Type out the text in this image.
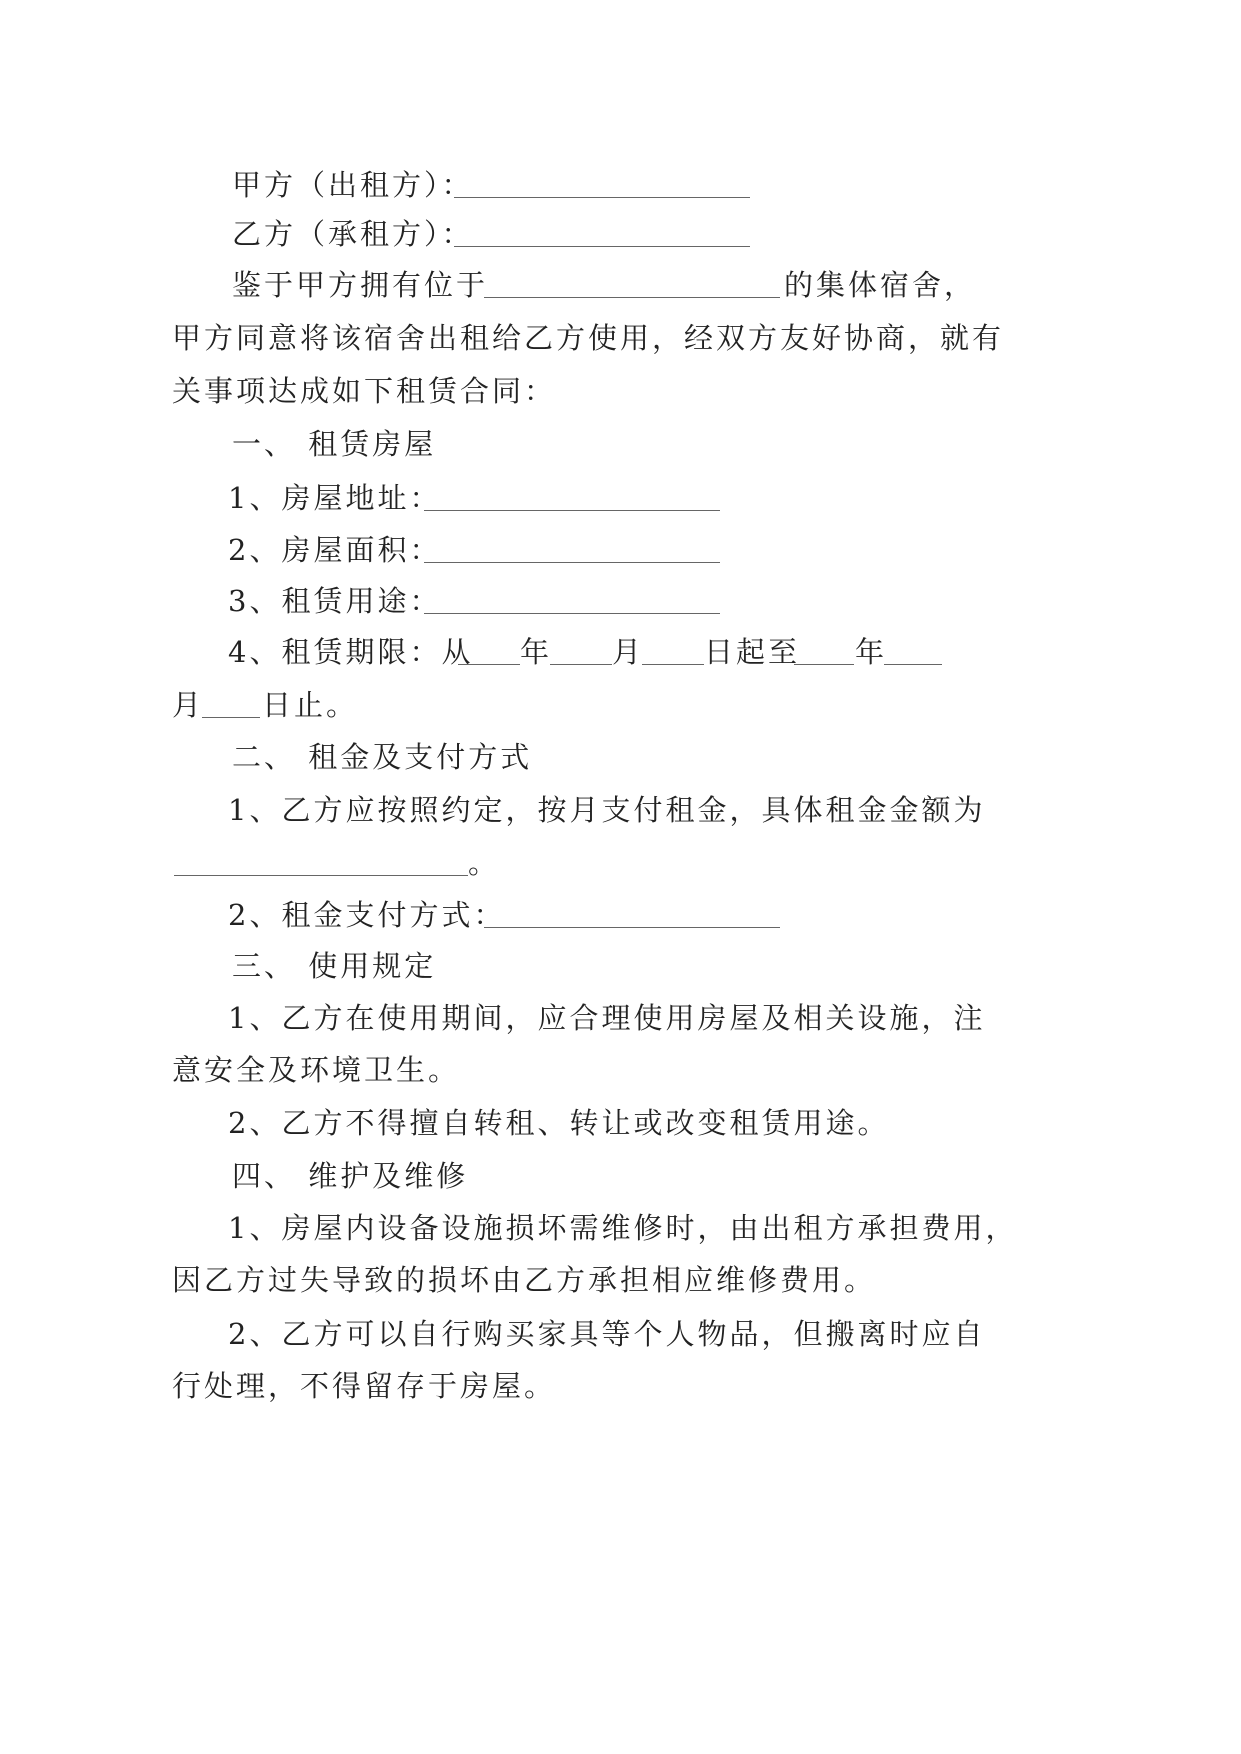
甲方（出租方）：
乙方（承租方）：
鉴于甲方拥有位于	的集体宿舍，
甲方同意将该宿舍出租给乙方使用，经双方友好协商，就有
关事项达成如下租赁合同：
一、 租赁房屋
1、房屋地址：
2、房屋面积：
3、租赁用途：
4、租赁期限：从 年 月 日起至 年
月 日止。
二、 租金及支付方式
1、乙方应按照约定，按月支付租金，具体租金金额为
。
2、租金支付方式：
三、 使用规定
1、乙方在使用期间，应合理使用房屋及相关设施，注
意安全及环境卫生。
2、乙方不得擅自转租、转让或改变租赁用途。
四、 维护及维修
1、房屋内设备设施损坏需维修时，由出租方承担费用，
因乙方过失导致的损坏由乙方承担相应维修费用。
2、乙方可以自行购买家具等个人物品，但搬离时应自
行处理，不得留存于房屋。
